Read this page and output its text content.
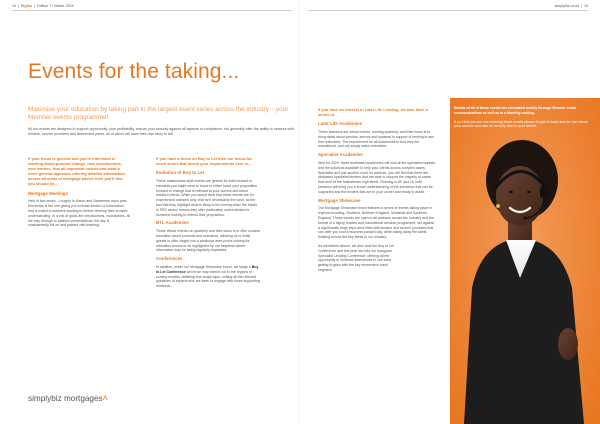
14  |  Bigfoo  |  Edition 7 / Winter 2024
Events for the taking...
Maximise your education by taking part in the largest event series across the industry – your Member events programme!
All our events are designed to support opportunity, your profitability, ensure your security against all aspects of compliance, but generally offer the ability to network with lenders, service providers and likeminded peers, all of which will have their own story to tell.

If your focus is general and you're interested in learning about product change, new introductions, new lenders, that all-important criteria and want a more general approach offering detailed information across all areas of mortgage advice then you'll find you should be...

Mortgage Meetings

Held in two series – roughly in March and September each year, this series is the one giving you a broad section of information that is suited to advisers wanting to further develop their broader understanding. In a mix of quick-fire introductions, roundtables, all the way through to platform presentations, the day is unashamedly full on and packed with learning.

If you have a focus on Buy to Let then our focus-for-event series that meets your requirements here is...

Evolution of Buy to Let

These masterclass style events are geared for both forward to elements you might need to know to either move your proposition forward or change that is relevant to your current and future landlord clients. While you would think that these events are for experienced advisers only, that isn't necessarily the case, as the fact that they highlight what is likely to be coming down the tracks in PRS sector, means they offer particularly useful details for someone looking to extend their proposition.

BTL Academies

These virtual events run quarterly and their focus is to offer concise education about products and scenarios, allowing us to invite guests to offer insight into a particular area you're looking for education across or as highlighted by our helpdesk where information may be being regularly requested.

Conferences

In addition, under our Mortgage Showcase brand, we stage a Buy to Let Conference which we may extend out to the regions in coming months, detailing one single topic, uniting all the relevant questions of experts who are keen to engage with those supporting landlords.

simplybiz mortgages˄
simplybiz.co.uk  |  15

If you have an interest in Later Life Lending, we also have a series of...

Later Life Academies

These sessions are virtual events, running quarterly, and their focus is to bring detail about product, service and systems in support of lending in and into retirement. The requirement for all Academies is that they are educational, and not simply sales orientated.

Specialist Academies

New for 2025, these dedicated academies will look at the specialist markets and the solutions available to help your clients across complex cases. Specialist isn't just another word for adverse, you will find that there are dedicated specialist lenders that are able to support the majority of cases that don't fit the mainstream high street. Running in AF and HL both sessions will bring you a broad understanding of the scenarios that can be supported and the lenders that are in your corner and ready to assist.

Mortgage Showcase

Our Mortgage Showcase brand features a series of events taking place in regions including, Scotland, Northern England, Midlands and Southern England. These events are open to all advisers across the industry and the format of a highly relaxed and educational seminar programme, set against a significantly large expo area filled with lenders and service providers that can offer you how a business passed day, while taking away the latest thinking across the key areas in our industry.

As mentioned above, we also host the Buy to Let Conference and this year we hold our inaugural Specialist Lending Conference, offering all the opportunity to immerse themselves in one area getting to grips with the key elements in each segment.

Details of all of these events are circulated weekly through Member email communications as well as in a Monthly mailing.

If you feel you are not receiving these emails please do get in touch and we can check your account and also be remedy that on your behalf.
